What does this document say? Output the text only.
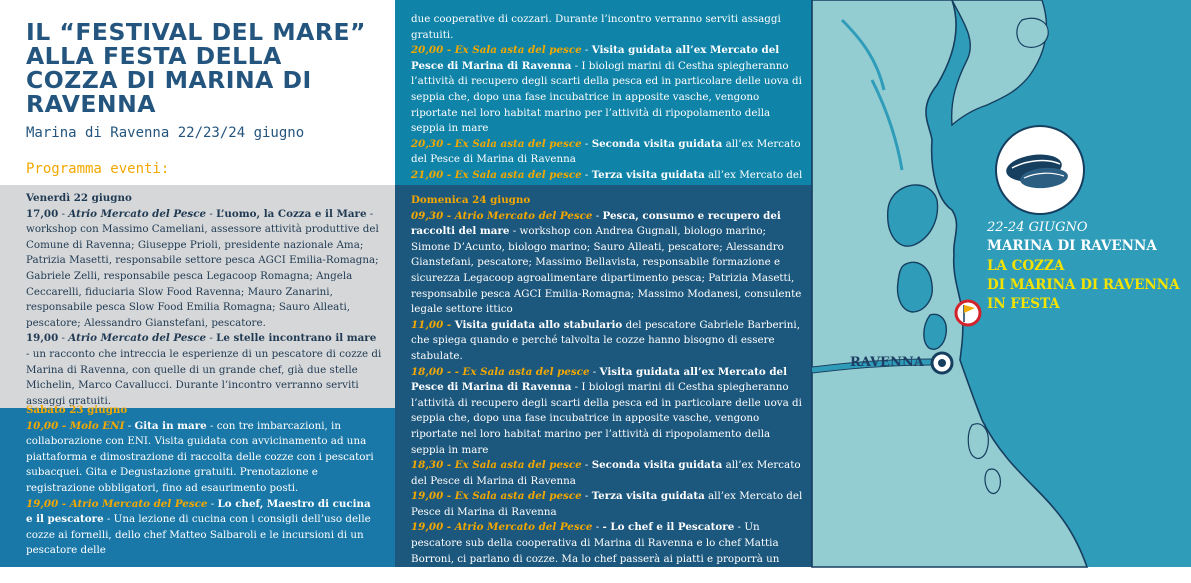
IL “FESTIVAL DEL MARE”
ALLA FESTA DELLA
COZZA DI MARINA DI
RAVENNA
Marina di Ravenna 22/23/24 giugno
Programma eventi:
Venerdì 22 giugno
17,00 - Atrio Mercato del Pesce - L’uomo, la Cozza e il Mare - workshop con Massimo Cameliani, assessore attività produttive del Comune di Ravenna; Giuseppe Prioli, presidente nazionale Ama; Patrizia Masetti, responsabile settore pesca AGCI Emilia-Romagna; Gabriele Zelli, responsabile pesca Legacoop Romagna; Angela Ceccarelli, fiduciaria Slow Food Ravenna; Mauro Zanarini, responsabile pesca Slow Food Emilia Romagna; Sauro Alleati, pescatore; Alessandro Gianstefani, pescatore.
19,00 - Atrio Mercato del Pesce - Le stelle incontrano il mare - un racconto che intreccia le esperienze di un pescatore di cozze di Marina di Ravenna, con quelle di un grande chef, già due stelle Michelin, Marco Cavallucci. Durante l’incontro verranno serviti assaggi gratuiti.
Sabato 23 giugno
10,00 - Molo ENI - Gita in mare - con tre imbarcazioni, in collaborazione con ENI. Visita guidata con avvicinamento ad una piattaforma e dimostrazione di raccolta delle cozze con i pescatori subacquei. Gita e Degustazione gratuiti. Prenotazione e registrazione obbligatori, fino ad esaurimento posti.
19,00 - Atrio Mercato del Pesce - Lo chef, Maestro di cucina e il pescatore - Una lezione di cucina con i consigli dell’uso delle cozze ai fornelli, dello chef Matteo Salbaroli e le incursioni di un pescatore delle
due cooperative di cozzari. Durante l’incontro verranno serviti assaggi gratuiti.
20,00 - Ex Sala asta del pesce - Visita guidata all’ex Mercato del Pesce di Marina di Ravenna - I biologi marini di Cestha spiegheranno l’attività di recupero degli scarti della pesca ed in particolare delle uova di seppia che, dopo una fase incubatrice in apposite vasche, vengono riportate nel loro habitat marino per l’attività di ripopolamento della seppia in mare
20,30 - Ex Sala asta del pesce - Seconda visita guidata all’ex Mercato del Pesce di Marina di Ravenna
21,00 - Ex Sala asta del pesce - Terza visita guidata all’ex Mercato del
Domenica 24 giugno
09,30 - Atrio Mercato del Pesce - Pesca, consumo e recupero dei raccolti del mare - workshop con Andrea Gugnali, biologo marino; Simone D’Acunto, biologo marino; Sauro Alleati, pescatore; Alessandro Gianstefani, pescatore; Massimo Bellavista, responsabile formazione e sicurezza Legacoop agroalimentare dipartimento pesca; Patrizia Masetti, responsabile pesca AGCI Emilia-Romagna; Massimo Modanesi, consulente legale settore ittico
11,00 - Visita guidata allo stabulario del pescatore Gabriele Barberini, che spiega quando e perché talvolta le cozze hanno bisogno di essere stabulate.
18,00 - - Ex Sala asta del pesce - Visita guidata all’ex Mercato del Pesce di Marina di Ravenna - I biologi marini di Cestha spiegheranno l’attività di recupero degli scarti della pesca ed in particolare delle uova di seppia che, dopo una fase incubatrice in apposite vasche, vengono riportate nel loro habitat marino per l’attività di ripopolamento della seppia in mare
18,30 - Ex Sala asta del pesce - Seconda visita guidata all’ex Mercato del Pesce di Marina di Ravenna
19,00 - Ex Sala asta del pesce - Terza visita guidata all’ex Mercato del Pesce di Marina di Ravenna
19,00 - Atrio Mercato del Pesce - - Lo chef e il Pescatore - Un pescatore sub della cooperativa di Marina di Ravenna e lo chef Mattia Borroni, ci parlano di cozze. Ma lo chef passerà ai piatti e proporrà un assaggio sfizioso. Durante l’incontro verranno serviti assaggi gratuiti.
22-24 GIUGNO
MARINA DI RAVENNA
LA COZZA
DI MARINA DI RAVENNA
IN FESTA
RAVENNA
